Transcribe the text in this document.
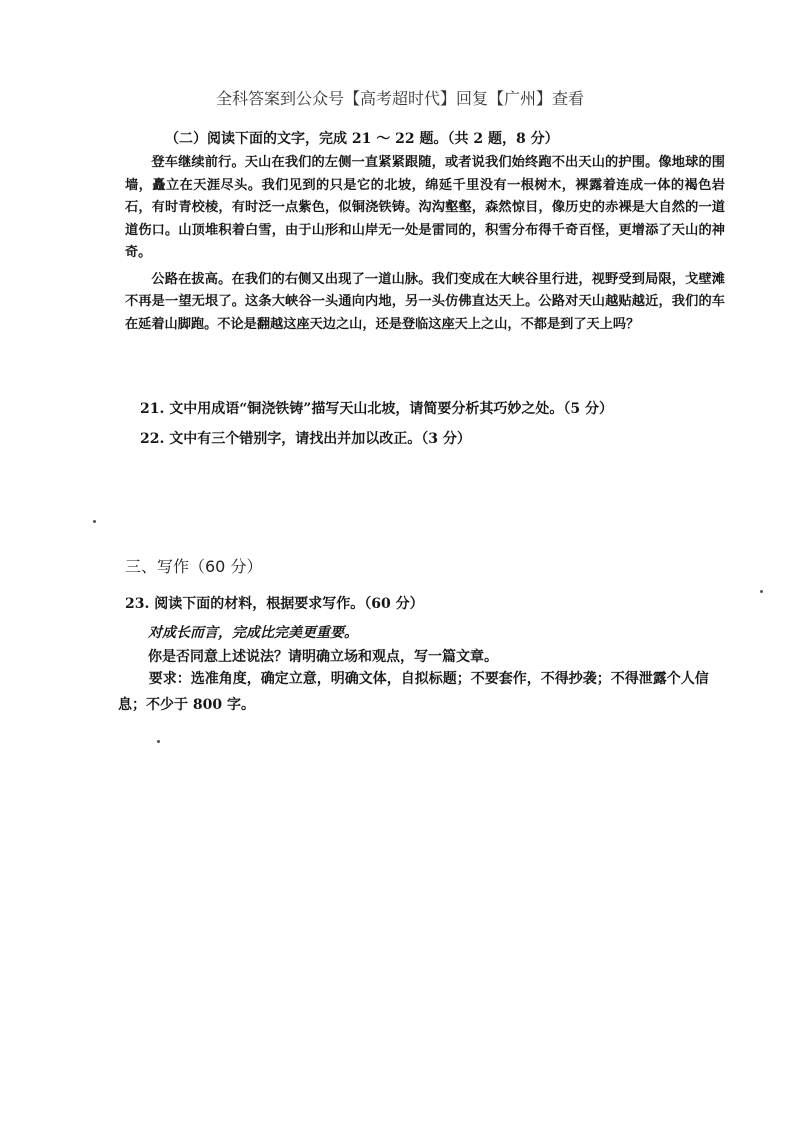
全科答案到公众号【高考超时代】回复【广州】查看
（二）阅读下面的文字，完成 21 ～ 22 题。（共 2 题，8 分）

登车继续前行。天山在我们的左侧一直紧紧跟随，或者说我们始终跑不出天山的护围。像地球的围墙，矗立在天涯尽头。我们见到的只是它的北坡，绵延千里没有一根树木，裸露着连成一体的褐色岩石，有时青校棱，有时泛一点紫色，似铜浇铁铸。沟沟壑壑，森然惊目，像历史的赤裸是大自然的一道道伤口。山顶堆积着白雪，由于山形和山岸无一处是雷同的，积雪分布得千奇百怪，更增添了天山的神奇。

公路在拔高。在我们的右侧又出现了一道山脉。我们变成在大峡谷里行进，视野受到局限，戈壁滩不再是一望无垠了。这条大峡谷一头通向内地，另一头仿佛直达天上。公路对天山越贴越近，我们的车在延着山脚跑。不论是翻越这座天边之山，还是登临这座天上之山，不都是到了天上吗？

21. 文中用成语“铜浇铁铸”描写天山北坡，请简要分析其巧妙之处。（5 分）
22. 文中有三个错别字，请找出并加以改正。（3 分）
三、写作（60 分）
23. 阅读下面的材料，根据要求写作。（60 分）
对成长而言，完成比完美更重要。
你是否同意上述说法？请明确立场和观点，写一篇文章。

要求：选准角度，确定立意，明确文体，自拟标题；不要套作，不得抄袭；不得泄露个人信息；不少于 800 字。
